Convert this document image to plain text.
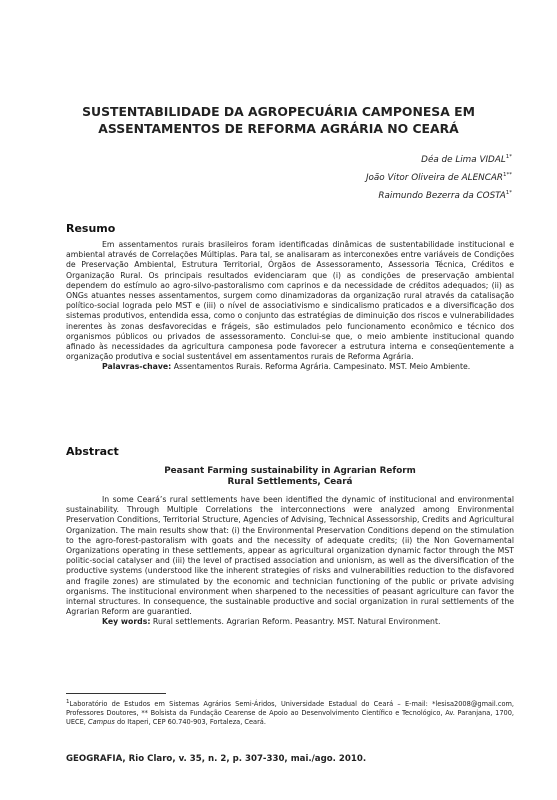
SUSTENTABILIDADE DA AGROPECUÁRIA CAMPONESA EM
ASSENTAMENTOS DE REFORMA AGRÁRIA NO CEARÁ
Déa de Lima $VIDAL^{1*}$
João Vitor Oliveira de $ALENCAR^{1**}$
Raimundo Bezerra da $COSTA^{1*}$
Resumo

Em assentamentos rurais brasileiros foram identificadas dinâmicas de sustentabilidade institucional e ambiental através de Correlações Múltiplas. Para tal, se analisaram as interconexões entre variáveis de Condições de Preservação Ambiental, Estrutura Territorial, Órgãos de Assessoramento, Assessoria Técnica, Créditos e Organização Rural. Os principais resultados evidenciaram que (i) as condições de preservação ambiental dependem do estímulo ao agro-silvo-pastoralismo com caprinos e da necessidade de créditos adequados; (ii) as ONGs atuantes nesses assentamentos, surgem como dinamizadoras da organização rural através da catalisação político-social lograda pelo MST e (iii) o nível de associativismo e sindicalismo praticados e a diversificação dos sistemas produtivos, entendida essa, como o conjunto das estratégias de diminuição dos riscos e vulnerabilidades inerentes às zonas desfavorecidas e frágeis, são estimulados pelo funcionamento econômico e técnico dos organismos públicos ou privados de assessoramento. Conclui-se que, o meio ambiente institucional quando afinado às necessidades da agricultura camponesa pode favorecer a estrutura interna e conseqüentemente a organização produtiva e social sustentável em assentamentos rurais de Reforma Agrária.

Palavras-chave: Assentamentos Rurais. Reforma Agrária. Campesinato. MST. Meio Ambiente.

Abstract
Peasant Farming sustainability in Agrarian Reform
Rural Settlements, Ceará

In some Ceará’s rural settlements have been identified the dynamic of institucional and environmental sustainability. Through Multiple Correlations the interconnections were analyzed among Environmental Preservation Conditions, Territorial Structure, Agencies of Advising, Technical Assessorship, Credits and Agricultural Organization. The main results show that: (i) the Environmental Preservation Conditions depend on the stimulation to the agro-forest-pastoralism with goats and the necessity of adequate credits; (ii) the Non Governamental Organizations operating in these settlements, appear as agricultural organization dynamic factor through the MST politic-social catalyser and (iii) the level of practised association and unionism, as well as the diversification of the productive systems (understood like the inherent strategies of risks and vulnerabilities reduction to the disfavored and fragile zones) are stimulated by the economic and technician functioning of the public or private advising organisms. The institucional environment when sharpened to the necessities of peasant agriculture can favor the internal structures. In consequence, the sustainable productive and social organization in rural settlements of the Agrarian Reform are guarantied.

Key words: Rural settlements. Agrarian Reform. Peasantry. MST. Natural Environment.

$^1$Laboratório de Estudos em Sistemas Agrários Semi-Áridos, Universidade Estadual do Ceará – E-mail: *lesisa2008@gmail.com, Professores Doutores, ** Bolsista da Fundação Cearense de Apoio ao Desenvolvimento Científico e Tecnológico, Av. Paranjana, 1700, UECE, Campus do Itaperi, CEP 60.740-903, Fortaleza, Ceará.
GEOGRAFIA, Rio Claro, v. 35, n. 2, p. 307-330, mai./ago. 2010.
